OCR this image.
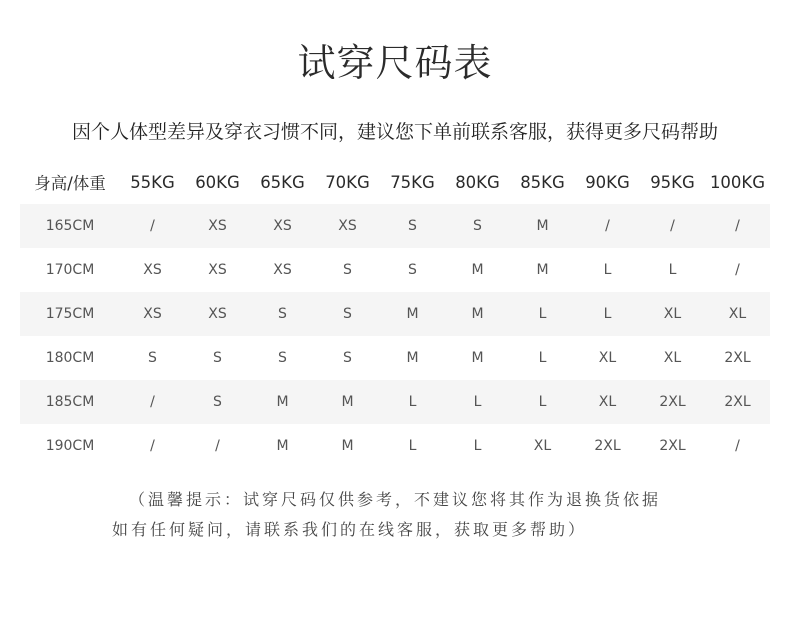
试穿尺码表
因个人体型差异及穿衣习惯不同，建议您下单前联系客服，获得更多尺码帮助
身高/体重	55KG	60KG	65KG	70KG	75KG	80KG	85KG	90KG	95KG	100KG
165CM	/	XS	XS	XS	S	S	M	/	/	/
170CM	XS	XS	XS	S	S	M	M	L	L	/
175CM	XS	XS	S	S	M	M	L	L	XL	XL
180CM	S	S	S	S	M	M	L	XL	XL	2XL
185CM	/	S	M	M	L	L	L	XL	2XL	2XL
190CM	/	/	M	M	L	L	XL	2XL	2XL	/
（温馨提示：试穿尺码仅供参考，不建议您将其作为退换货依据
如有任何疑问，请联系我们的在线客服，获取更多帮助）
